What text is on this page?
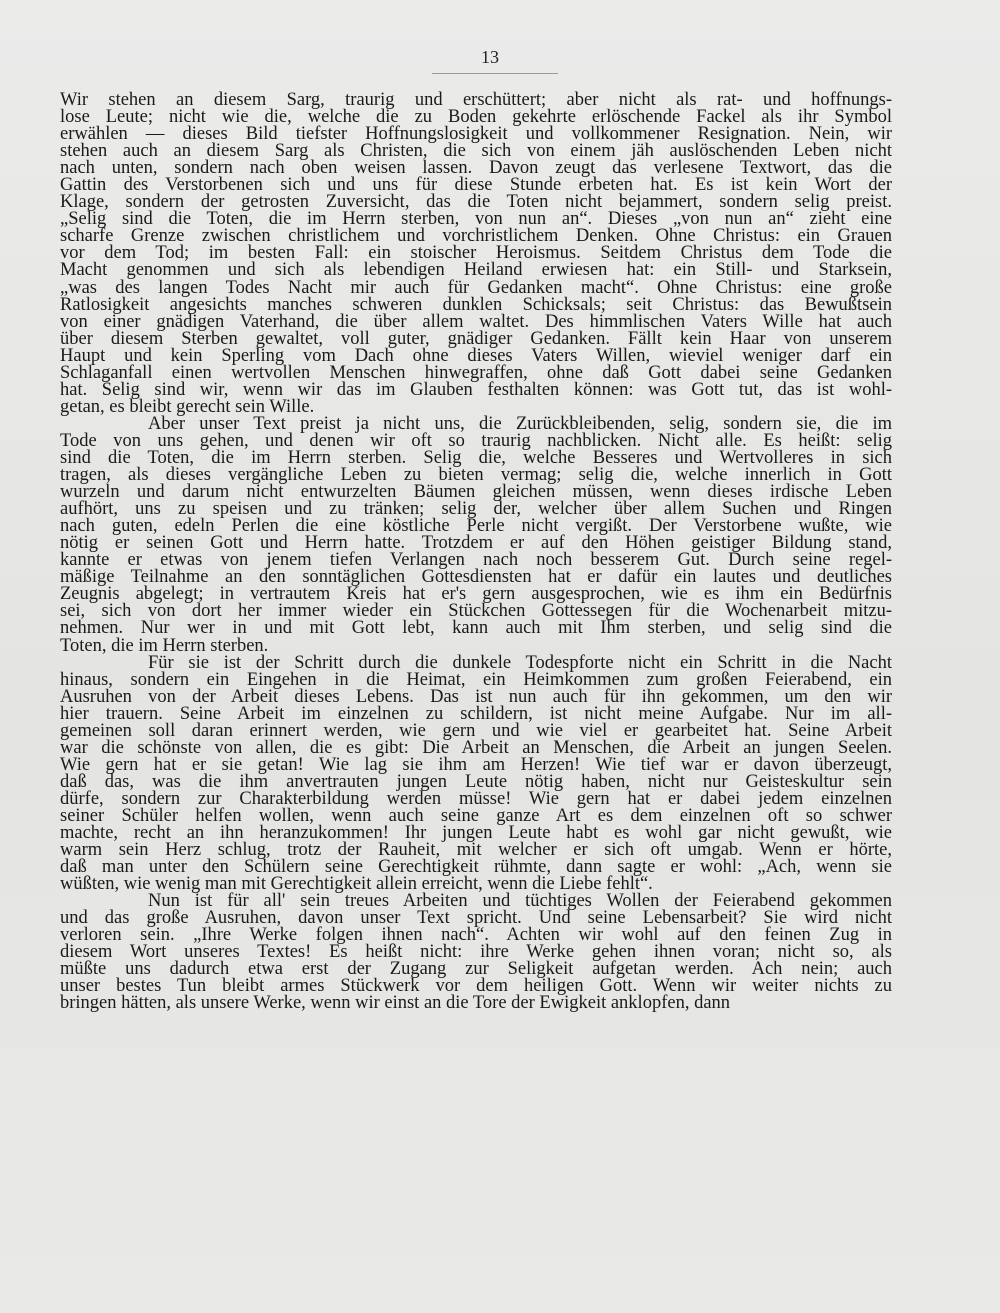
13
Wir stehen an diesem Sarg, traurig und erschüttert; aber nicht als rat- und hoffnungs-
lose Leute; nicht wie die, welche die zu Boden gekehrte erlöschende Fackel als ihr Symbol
erwählen — dieses Bild tiefster Hoffnungslosigkeit und vollkommener Resignation. Nein, wir
stehen auch an diesem Sarg als Christen, die sich von einem jäh auslöschenden Leben nicht
nach unten, sondern nach oben weisen lassen. Davon zeugt das verlesene Textwort, das die
Gattin des Verstorbenen sich und uns für diese Stunde erbeten hat. Es ist kein Wort der
Klage, sondern der getrosten Zuversicht, das die Toten nicht bejammert, sondern selig preist.
„Selig sind die Toten, die im Herrn sterben, von nun an“. Dieses „von nun an“ zieht eine
scharfe Grenze zwischen christlichem und vorchristlichem Denken. Ohne Christus: ein Grauen
vor dem Tod; im besten Fall: ein stoischer Heroismus. Seitdem Christus dem Tode die
Macht genommen und sich als lebendigen Heiland erwiesen hat: ein Still- und Starksein,
„was des langen Todes Nacht mir auch für Gedanken macht“. Ohne Christus: eine große
Ratlosigkeit angesichts manches schweren dunklen Schicksals; seit Christus: das Bewußtsein
von einer gnädigen Vaterhand, die über allem waltet. Des himmlischen Vaters Wille hat auch
über diesem Sterben gewaltet, voll guter, gnädiger Gedanken. Fällt kein Haar von unserem
Haupt und kein Sperling vom Dach ohne dieses Vaters Willen, wieviel weniger darf ein
Schlaganfall einen wertvollen Menschen hinwegraffen, ohne daß Gott dabei seine Gedanken
hat. Selig sind wir, wenn wir das im Glauben festhalten können: was Gott tut, das ist wohl-
getan, es bleibt gerecht sein Wille.
Aber unser Text preist ja nicht uns, die Zurückbleibenden, selig, sondern sie, die im
Tode von uns gehen, und denen wir oft so traurig nachblicken. Nicht alle. Es heißt: selig
sind die Toten, die im Herrn sterben. Selig die, welche Besseres und Wertvolleres in sich
tragen, als dieses vergängliche Leben zu bieten vermag; selig die, welche innerlich in Gott
wurzeln und darum nicht entwurzelten Bäumen gleichen müssen, wenn dieses irdische Leben
aufhört, uns zu speisen und zu tränken; selig der, welcher über allem Suchen und Ringen
nach guten, edeln Perlen die eine köstliche Perle nicht vergißt. Der Verstorbene wußte, wie
nötig er seinen Gott und Herrn hatte. Trotzdem er auf den Höhen geistiger Bildung stand,
kannte er etwas von jenem tiefen Verlangen nach noch besserem Gut. Durch seine regel-
mäßige Teilnahme an den sonntäglichen Gottesdiensten hat er dafür ein lautes und deutliches
Zeugnis abgelegt; in vertrautem Kreis hat er's gern ausgesprochen, wie es ihm ein Bedürfnis
sei, sich von dort her immer wieder ein Stückchen Gottessegen für die Wochenarbeit mitzu-
nehmen. Nur wer in und mit Gott lebt, kann auch mit Ihm sterben, und selig sind die
Toten, die im Herrn sterben.
Für sie ist der Schritt durch die dunkele Todespforte nicht ein Schritt in die Nacht
hinaus, sondern ein Eingehen in die Heimat, ein Heimkommen zum großen Feierabend, ein
Ausruhen von der Arbeit dieses Lebens. Das ist nun auch für ihn gekommen, um den wir
hier trauern. Seine Arbeit im einzelnen zu schildern, ist nicht meine Aufgabe. Nur im all-
gemeinen soll daran erinnert werden, wie gern und wie viel er gearbeitet hat. Seine Arbeit
war die schönste von allen, die es gibt: Die Arbeit an Menschen, die Arbeit an jungen Seelen.
Wie gern hat er sie getan! Wie lag sie ihm am Herzen! Wie tief war er davon überzeugt,
daß das, was die ihm anvertrauten jungen Leute nötig haben, nicht nur Geisteskultur sein
dürfe, sondern zur Charakterbildung werden müsse! Wie gern hat er dabei jedem einzelnen
seiner Schüler helfen wollen, wenn auch seine ganze Art es dem einzelnen oft so schwer
machte, recht an ihn heranzukommen! Ihr jungen Leute habt es wohl gar nicht gewußt, wie
warm sein Herz schlug, trotz der Rauheit, mit welcher er sich oft umgab. Wenn er hörte,
daß man unter den Schülern seine Gerechtigkeit rühmte, dann sagte er wohl: „Ach, wenn sie
wüßten, wie wenig man mit Gerechtigkeit allein erreicht, wenn die Liebe fehlt“.
Nun ist für all' sein treues Arbeiten und tüchtiges Wollen der Feierabend gekommen
und das große Ausruhen, davon unser Text spricht. Und seine Lebensarbeit? Sie wird nicht
verloren sein. „Ihre Werke folgen ihnen nach“. Achten wir wohl auf den feinen Zug in
diesem Wort unseres Textes! Es heißt nicht: ihre Werke gehen ihnen voran; nicht so, als
müßte uns dadurch etwa erst der Zugang zur Seligkeit aufgetan werden. Ach nein; auch
unser bestes Tun bleibt armes Stückwerk vor dem heiligen Gott. Wenn wir weiter nichts zu
bringen hätten, als unsere Werke, wenn wir einst an die Tore der Ewigkeit anklopfen, dann
